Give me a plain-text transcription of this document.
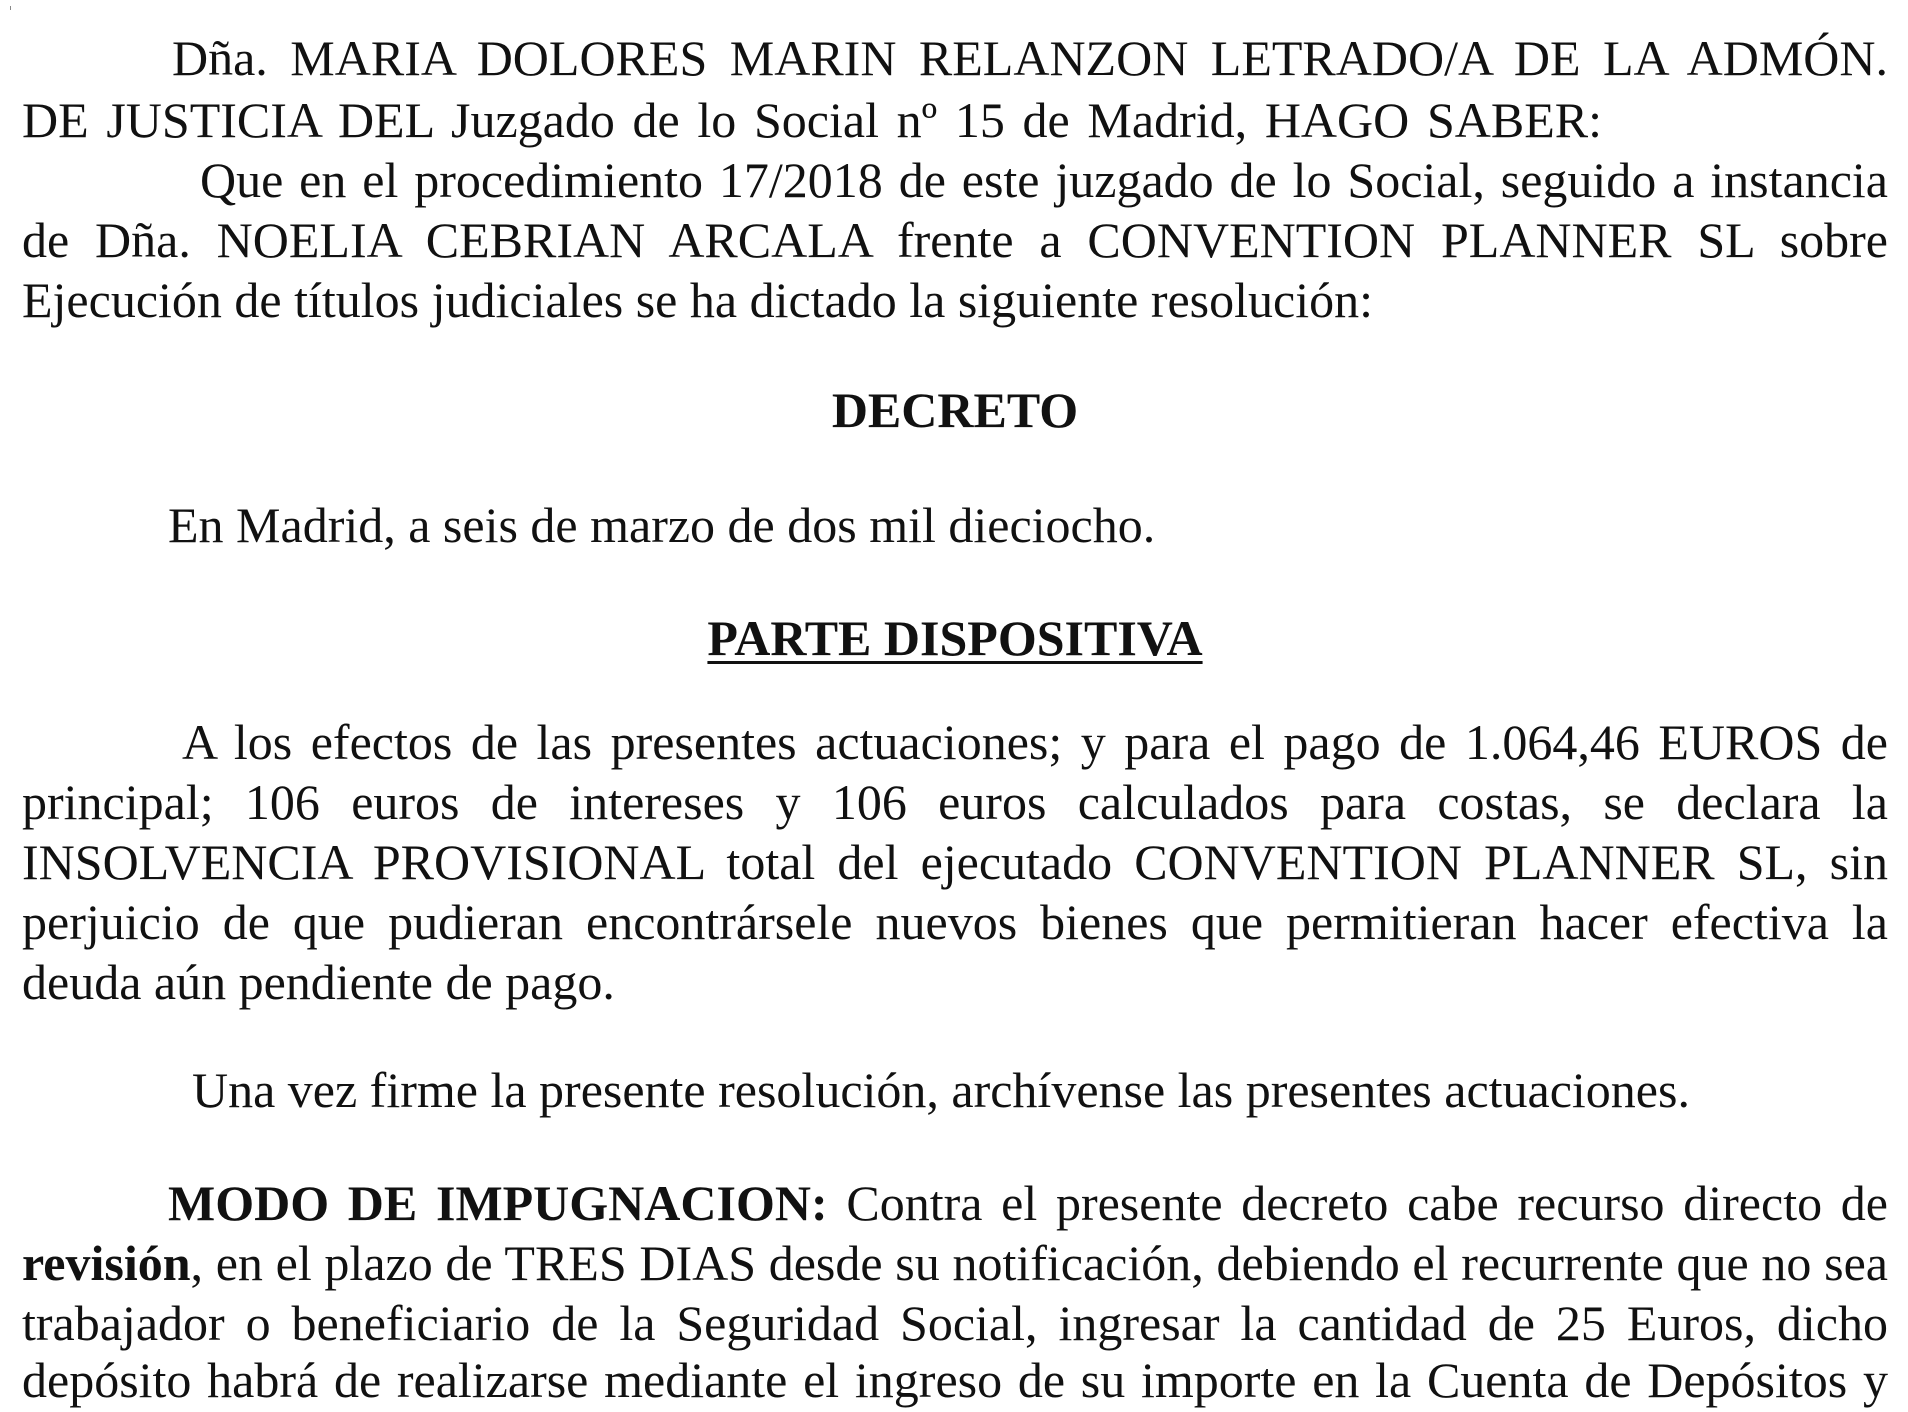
Dña. MARIA DOLORES MARIN RELANZON LETRADO/A DE LA ADMÓN.
DE JUSTICIA DEL Juzgado de lo Social nº 15 de Madrid, HAGO SABER:
Que en el procedimiento 17/2018 de este juzgado de lo Social, seguido a instancia
de Dña. NOELIA CEBRIAN ARCALA frente a CONVENTION PLANNER SL sobre
Ejecución de títulos judiciales se ha dictado la siguiente resolución:
DECRETO
En Madrid, a seis de marzo de dos mil dieciocho.
PARTE DISPOSITIVA
A los efectos de las presentes actuaciones; y para el pago de 1.064,46 EUROS de
principal; 106 euros de intereses y 106 euros calculados para costas, se declara la
INSOLVENCIA PROVISIONAL total del ejecutado CONVENTION PLANNER SL, sin
perjuicio de que pudieran encontrársele nuevos bienes que permitieran hacer efectiva la
deuda aún pendiente de pago.
Una vez firme la presente resolución, archívense las presentes actuaciones.
MODO DE IMPUGNACION: Contra el presente decreto cabe recurso directo de
revisión, en el plazo de TRES DIAS desde su notificación, debiendo el recurrente que no sea
trabajador o beneficiario de la Seguridad Social, ingresar la cantidad de 25 Euros, dicho
depósito habrá de realizarse mediante el ingreso de su importe en la Cuenta de Depósitos y
